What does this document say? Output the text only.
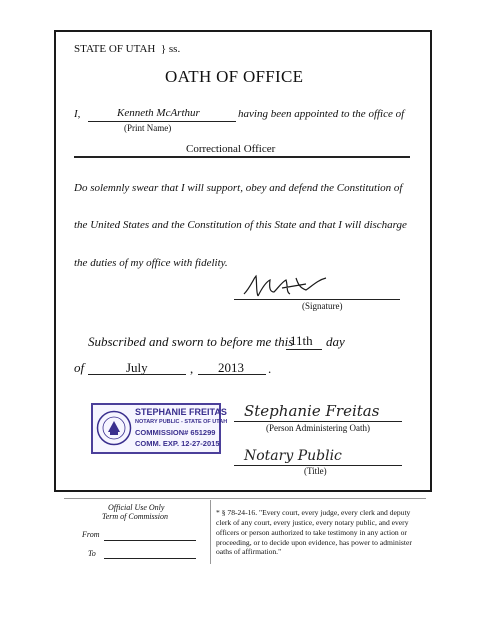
STATE OF UTAH } ss.
OATH OF OFFICE
I,	Kenneth McArthur
(Print Name)
having been appointed to the office of
Correctional Officer
Do solemnly swear that I will support, obey and defend the Constitution of
the United States and the Constitution of this State and that I will discharge
the duties of my office with fidelity.
(Signature)
Subscribed and sworn to before me this
11th day
of	July	, 2013 .
STEPHANIE FREITAS
NOTARY PUBLIC - STATE OF UTAH
COMMISSION# 651299
COMM. EXP. 12-27-2015
Stephanie Freitas
(Person Administering Oath)
Notary Public
(Title)
Official Use Only
Term of Commission
From
To
* § 78-24-16. "Every court, every judge, every clerk and deputy clerk of any court, every justice, every notary public, and every officers or person authorized to take testimony in any action or proceeding, or to decide upon evidence, has power to administer oaths of affirmation."
